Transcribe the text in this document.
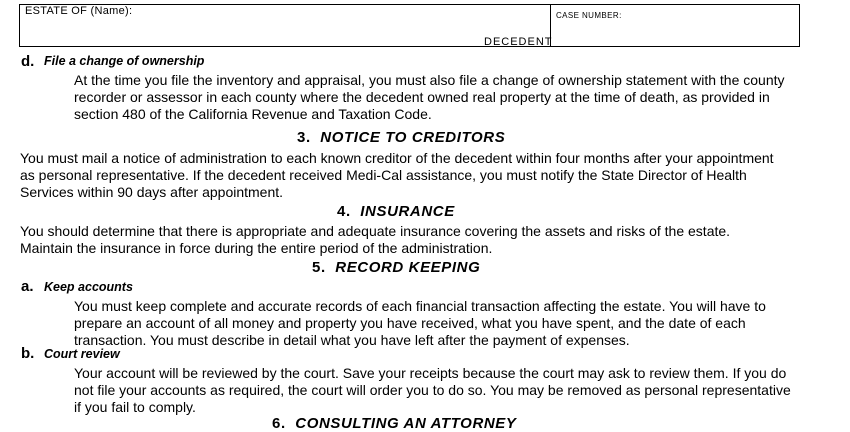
ESTATE OF (Name):	CASE NUMBER:
DECEDENT
d. File a change of ownership
At the time you file the inventory and appraisal, you must also file a change of ownership statement with the county
recorder or assessor in each county where the decedent owned real property at the time of death, as provided in
section 480 of the California Revenue and Taxation Code.
3. NOTICE TO CREDITORS
You must mail a notice of administration to each known creditor of the decedent within four months after your appointment
as personal representative. If the decedent received Medi-Cal assistance, you must notify the State Director of Health
Services within 90 days after appointment.
4. INSURANCE
You should determine that there is appropriate and adequate insurance covering the assets and risks of the estate.
Maintain the insurance in force during the entire period of the administration.
5. RECORD KEEPING
a. Keep accounts
You must keep complete and accurate records of each financial transaction affecting the estate. You will have to
prepare an account of all money and property you have received, what you have spent, and the date of each
transaction. You must describe in detail what you have left after the payment of expenses.
b. Court review
Your account will be reviewed by the court. Save your receipts because the court may ask to review them. If you do
not file your accounts as required, the court will order you to do so. You may be removed as personal representative
if you fail to comply.
6. CONSULTING AN ATTORNEY
